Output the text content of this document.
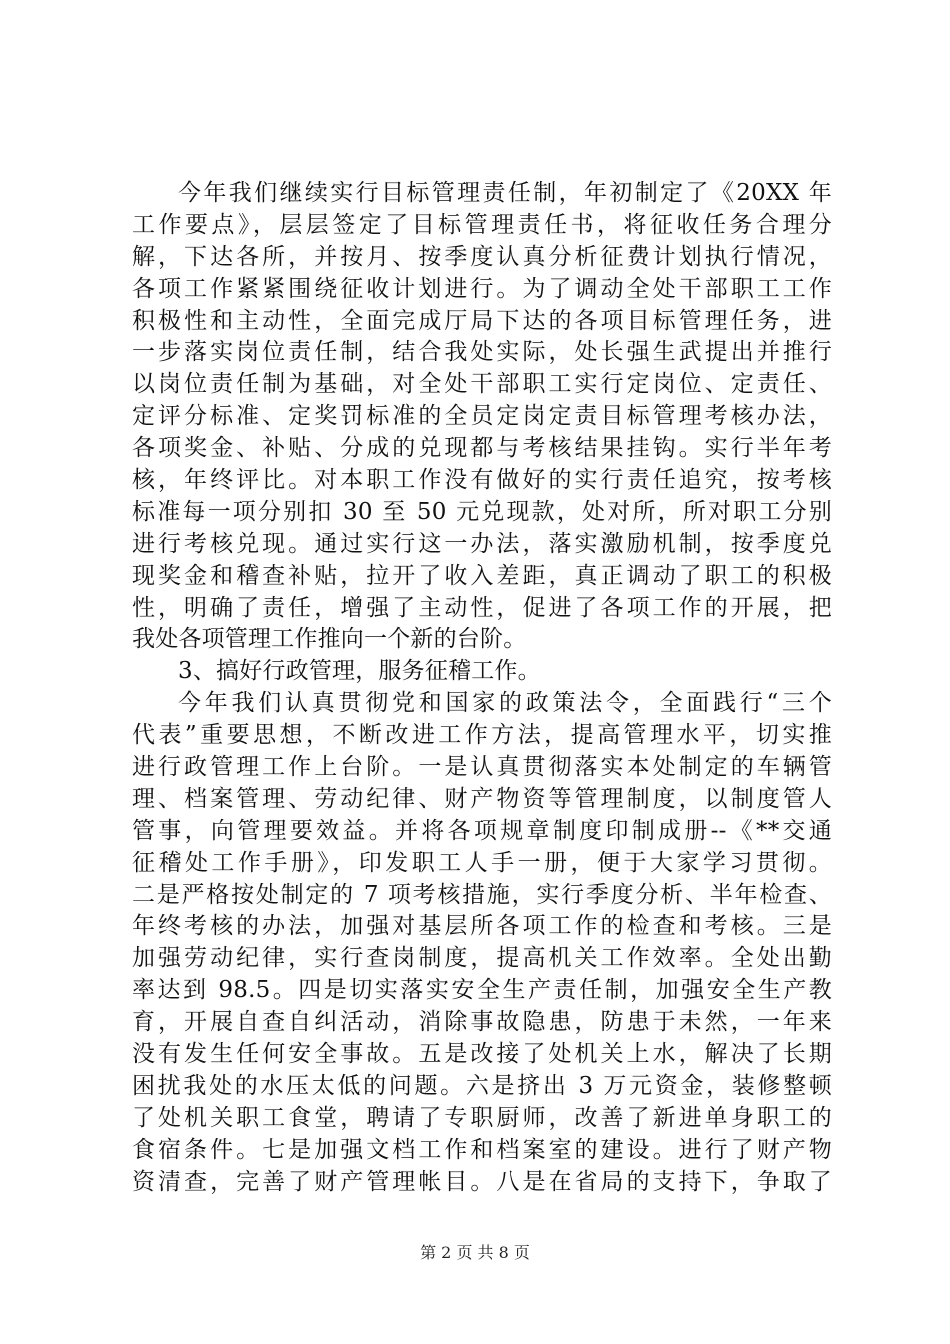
今年我们继续实行目标管理责任制，年初制定了《20XX 年
工作要点》，层层签定了目标管理责任书，将征收任务合理分
解，下达各所，并按月、按季度认真分析征费计划执行情况，
各项工作紧紧围绕征收计划进行。为了调动全处干部职工工作
积极性和主动性，全面完成厅局下达的各项目标管理任务，进
一步落实岗位责任制，结合我处实际，处长强生武提出并推行
以岗位责任制为基础，对全处干部职工实行定岗位、定责任、
定评分标准、定奖罚标准的全员定岗定责目标管理考核办法，
各项奖金、补贴、分成的兑现都与考核结果挂钩。实行半年考
核，年终评比。对本职工作没有做好的实行责任追究，按考核
标准每一项分别扣 30 至 50 元兑现款，处对所，所对职工分别
进行考核兑现。通过实行这一办法，落实激励机制，按季度兑
现奖金和稽查补贴，拉开了收入差距，真正调动了职工的积极
性，明确了责任，增强了主动性，促进了各项工作的开展，把
我处各项管理工作推向一个新的台阶。
3、搞好行政管理，服务征稽工作。
今年我们认真贯彻党和国家的政策法令，全面践行“三个
代表”重要思想，不断改进工作方法，提高管理水平，切实推
进行政管理工作上台阶。一是认真贯彻落实本处制定的车辆管
理、档案管理、劳动纪律、财产物资等管理制度，以制度管人
管事，向管理要效益。并将各项规章制度印制成册--《**交通
征稽处工作手册》，印发职工人手一册，便于大家学习贯彻。
二是严格按处制定的 7 项考核措施，实行季度分析、半年检查、
年终考核的办法，加强对基层所各项工作的检查和考核。三是
加强劳动纪律，实行查岗制度，提高机关工作效率。全处出勤
率达到 98.5。四是切实落实安全生产责任制，加强安全生产教
育，开展自查自纠活动，消除事故隐患，防患于未然，一年来
没有发生任何安全事故。五是改接了处机关上水，解决了长期
困扰我处的水压太低的问题。六是挤出 3 万元资金，装修整顿
了处机关职工食堂，聘请了专职厨师，改善了新进单身职工的
食宿条件。七是加强文档工作和档案室的建设。进行了财产物
资清查，完善了财产管理帐目。八是在省局的支持下，争取了
第 2 页 共 8 页
